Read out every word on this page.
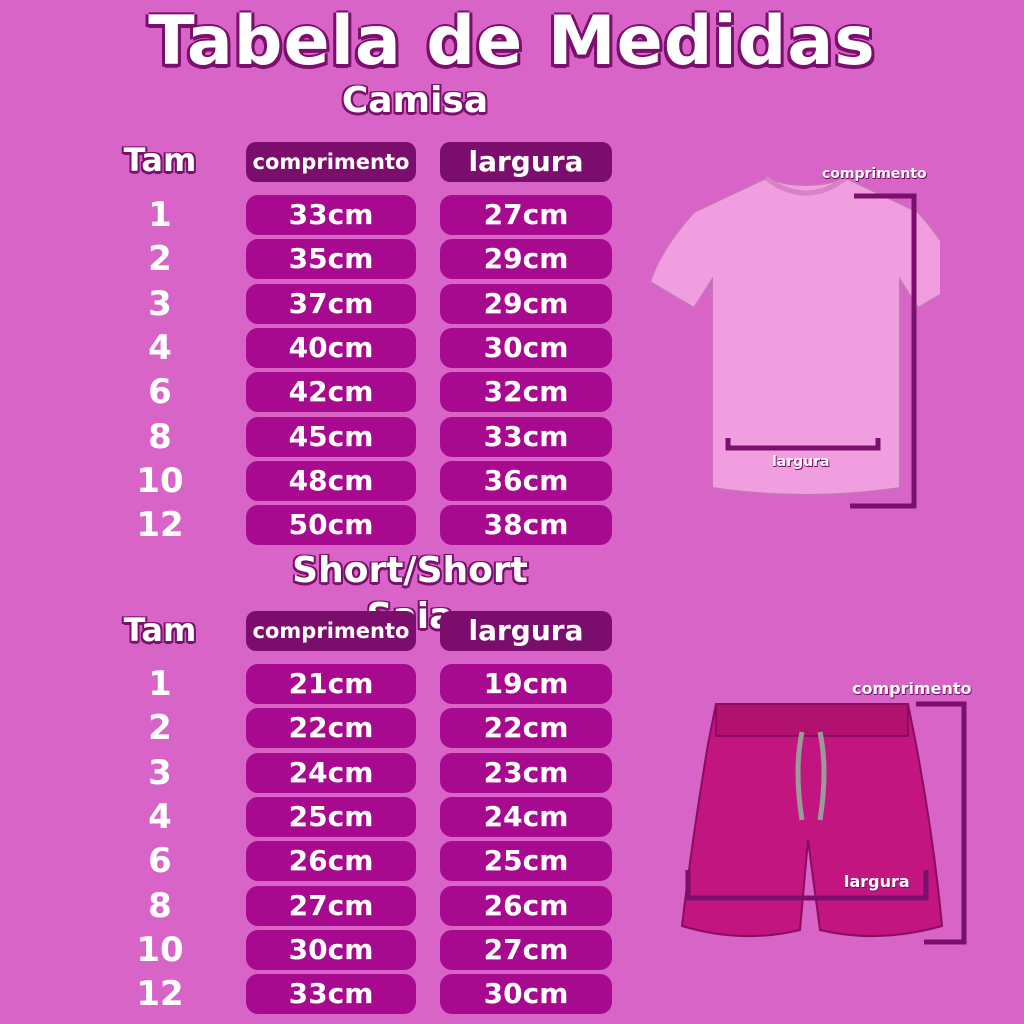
Tabela de Medidas
Camisa
Tam	comprimento	largura
1	33cm	27cm
2	35cm	29cm
3	37cm	29cm
4	40cm	30cm
6	42cm	32cm
8	45cm	33cm
10	48cm	36cm
12	50cm	38cm
comprimento
largura
Short/Short
Tam	comprimento	largura
1	21cm	19cm
2	22cm	22cm
3	24cm	23cm
4	25cm	24cm
6	26cm	25cm
8	27cm	26cm
10	30cm	27cm
12	33cm	30cm
comprimento
largura
